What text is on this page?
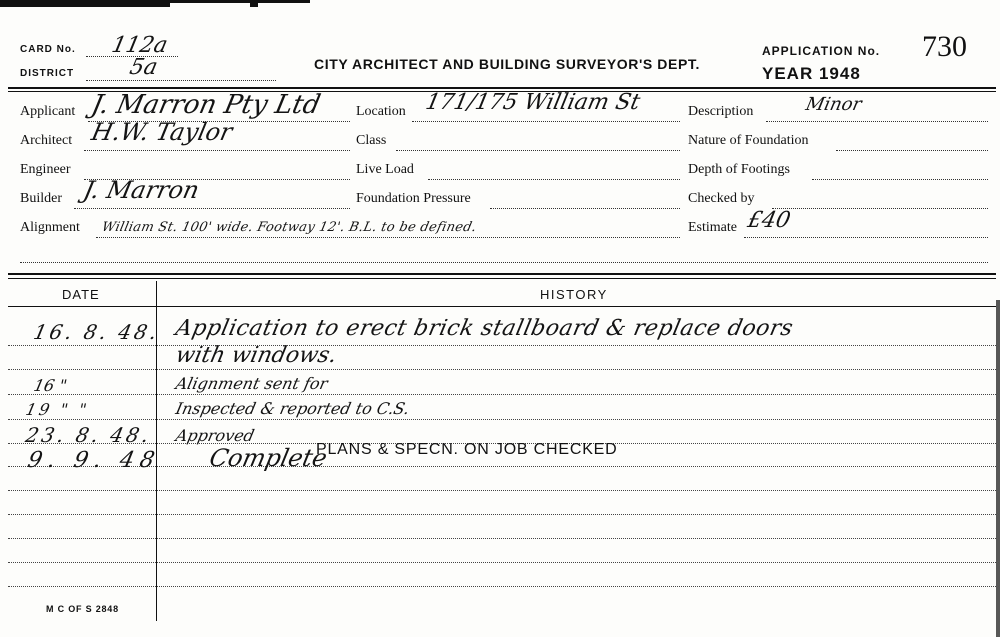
CARD No. 112a
DISTRICT 5a	CITY ARCHITECT AND BUILDING SURVEYOR'S DEPT.
APPLICATION No. 730
YEAR 1948
Applicant J. Marron Pty Ltd Location 171/175 William St	Description	Minor
Architect H.W. Taylor	Class	Nature of Foundation
Engineer	Live Load	Depth of Footings
Builder J. Marron	Foundation Pressure	Checked by
Alignment William St. 100' wide. Footway 12'. B.L. to be defined.	Estimate £40
DATE	HISTORY
16. 8. 48. Application to erect brick stallboard & replace doors
with windows.
16 "	Alignment sent for
19 " "	Inspected & reported to C.S.
23. 8. 48. Approved
PLANS & SPECN. ON JOB CHECKED
9. 9. 48 Complete
M C OF S 2848
